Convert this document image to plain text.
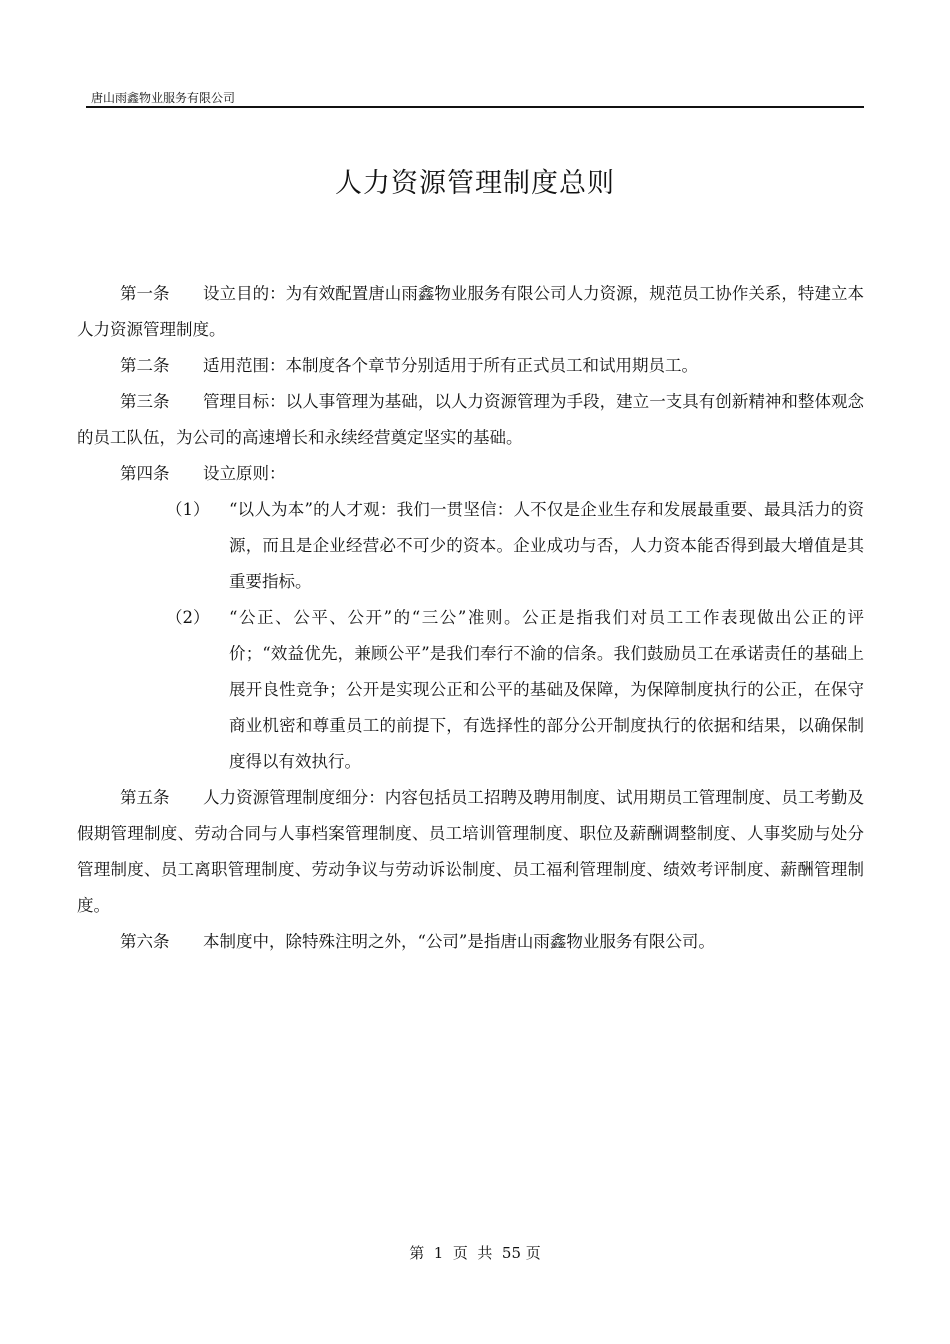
唐山雨鑫物业服务有限公司
人力资源管理制度总则

第一条 设立目的：为有效配置唐山雨鑫物业服务有限公司人力资源，规范员工协作关系，特建立本人力资源管理制度。

第二条 适用范围：本制度各个章节分别适用于所有正式员工和试用期员工。

第三条 管理目标：以人事管理为基础，以人力资源管理为手段，建立一支具有创新精神和整体观念的员工队伍，为公司的高速增长和永续经营奠定坚实的基础。

第四条 设立原则：

（1） “以人为本”的人才观：我们一贯坚信：人不仅是企业生存和发展最重要、最具活力的资源，而且是企业经营必不可少的资本。企业成功与否，人力资本能否得到最大增值是其重要指标。

（2） “公正、公平、公开”的“三公”准则。公正是指我们对员工工作表现做出公正的评价；“效益优先，兼顾公平”是我们奉行不渝的信条。我们鼓励员工在承诺责任的基础上展开良性竞争；公开是实现公正和公平的基础及保障，为保障制度执行的公正，在保守商业机密和尊重员工的前提下，有选择性的部分公开制度执行的依据和结果，以确保制度得以有效执行。

第五条 人力资源管理制度细分：内容包括员工招聘及聘用制度、试用期员工管理制度、员工考勤及假期管理制度、劳动合同与人事档案管理制度、员工培训管理制度、职位及薪酬调整制度、人事奖励与处分管理制度、员工离职管理制度、劳动争议与劳动诉讼制度、员工福利管理制度、绩效考评制度、薪酬管理制度。

第六条 本制度中，除特殊注明之外，“公司”是指唐山雨鑫物业服务有限公司。

第  1  页  共  55 页
